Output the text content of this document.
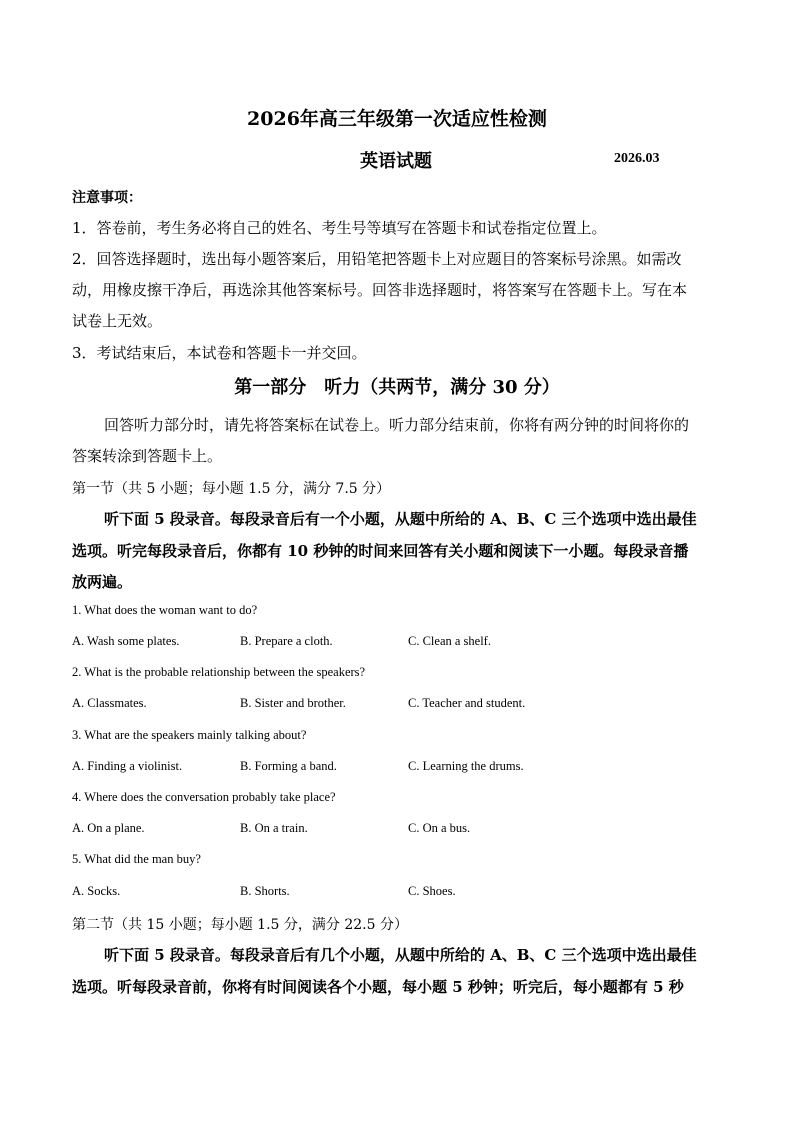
2026年高三年级第一次适应性检测
英语试题	2026.03
注意事项：
1．答卷前，考生务必将自己的姓名、考生号等填写在答题卡和试卷指定位置上。
2．回答选择题时，选出每小题答案后，用铅笔把答题卡上对应题目的答案标号涂黑。如需改
动，用橡皮擦干净后，再选涂其他答案标号。回答非选择题时，将答案写在答题卡上。写在本
试卷上无效。
3．考试结束后，本试卷和答题卡一并交回。
第一部分　听力（共两节，满分 30 分）
回答听力部分时，请先将答案标在试卷上。听力部分结束前，你将有两分钟的时间将你的
答案转涂到答题卡上。
第一节（共 5 小题；每小题 1.5 分，满分 7.5 分）
听下面 5 段录音。每段录音后有一个小题，从题中所给的 A、B、C 三个选项中选出最佳
选项。听完每段录音后，你都有 10 秒钟的时间来回答有关小题和阅读下一小题。每段录音播
放两遍。
1. What does the woman want to do?
A. Wash some plates.	B. Prepare a cloth.	C. Clean a shelf.
2. What is the probable relationship between the speakers?
A. Classmates.	B. Sister and brother.	C. Teacher and student.
3. What are the speakers mainly talking about?
A. Finding a violinist.	B. Forming a band.	C. Learning the drums.
4. Where does the conversation probably take place?
A. On a plane.	B. On a train.	C. On a bus.
5. What did the man buy?
A. Socks.	B. Shorts.	C. Shoes.
第二节（共 15 小题；每小题 1.5 分，满分 22.5 分）
听下面 5 段录音。每段录音后有几个小题，从题中所给的 A、B、C 三个选项中选出最佳
选项。听每段录音前，你将有时间阅读各个小题，每小题 5 秒钟；听完后，每小题都有 5 秒
